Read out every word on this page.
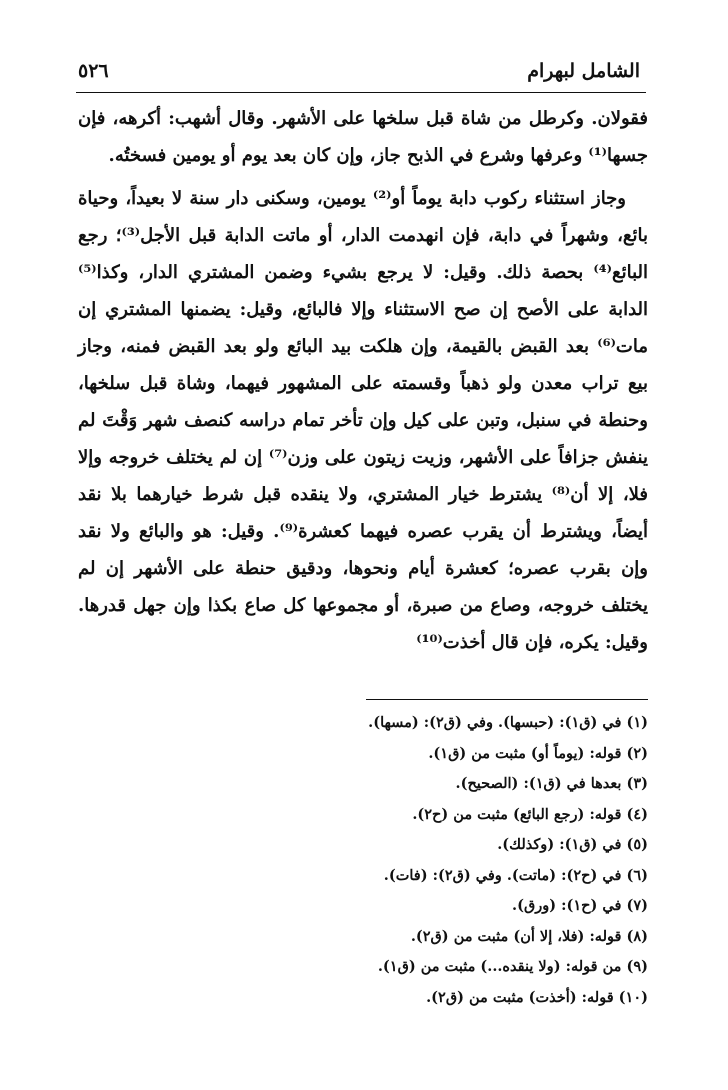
الشامل لبهرام
٥٢٦

فقولان. وكرطل من شاة قبل سلخها على الأشهر. وقال أشهب: أكرهه، فإن جسها⁽¹⁾ وعرفها وشرع في الذبح جاز، وإن كان بعد يوم أو يومين فسختُه.

وجاز استثناء ركوب دابة يوماً أو⁽²⁾ يومين، وسكنى دار سنة لا بعيداً، وحياة بائع، وشهراً في دابة، فإن انهدمت الدار، أو ماتت الدابة قبل الأجل⁽³⁾؛ رجع البائع⁽⁴⁾ بحصة ذلك. وقيل: لا يرجع بشيء وضمن المشتري الدار، وكذا⁽⁵⁾ الدابة على الأصح إن صح الاستثناء وإلا فالبائع، وقيل: يضمنها المشتري إن مات⁽⁶⁾ بعد القبض بالقيمة، وإن هلكت بيد البائع ولو بعد القبض فمنه، وجاز بيع تراب معدن ولو ذهباً وقسمته على المشهور فيهما، وشاة قبل سلخها، وحنطة في سنبل، وتبن على كيل وإن تأخر تمام دراسه كنصف شهر وَقْتَ لم ينفش جزافاً على الأشهر، وزيت زيتون على وزن⁽⁷⁾ إن لم يختلف خروجه وإلا فلا، إلا أن⁽⁸⁾ يشترط خيار المشتري، ولا ينقده قبل شرط خيارهما بلا نقد أيضاً، ويشترط أن يقرب عصره فيهما كعشرة⁽⁹⁾. وقيل: هو والبائع ولا نقد وإن بقرب عصره؛ كعشرة أيام ونحوها، ودقيق حنطة على الأشهر إن لم يختلف خروجه، وصاع من صبرة، أو مجموعها كل صاع بكذا وإن جهل قدرها. وقيل: يكره، فإن قال أخذت⁽¹⁰⁾

(١) في (ق١): (حبسها). وفي (ق٢): (مسها).
(٢) قوله: (يوماً أو) مثبت من (ق١).
(٣) بعدها في (ق١): (الصحيح).
(٤) قوله: (رجع البائع) مثبت من (ح٢).
(٥) في (ق١): (وكذلك).
(٦) في (ح٢): (ماتت). وفي (ق٢): (فات).
(٧) في (ح١): (ورق).
(٨) قوله: (فلا، إلا أن) مثبت من (ق٢).
(٩) من قوله: (ولا ينقده...) مثبت من (ق١).
(١٠) قوله: (أخذت) مثبت من (ق٢).
